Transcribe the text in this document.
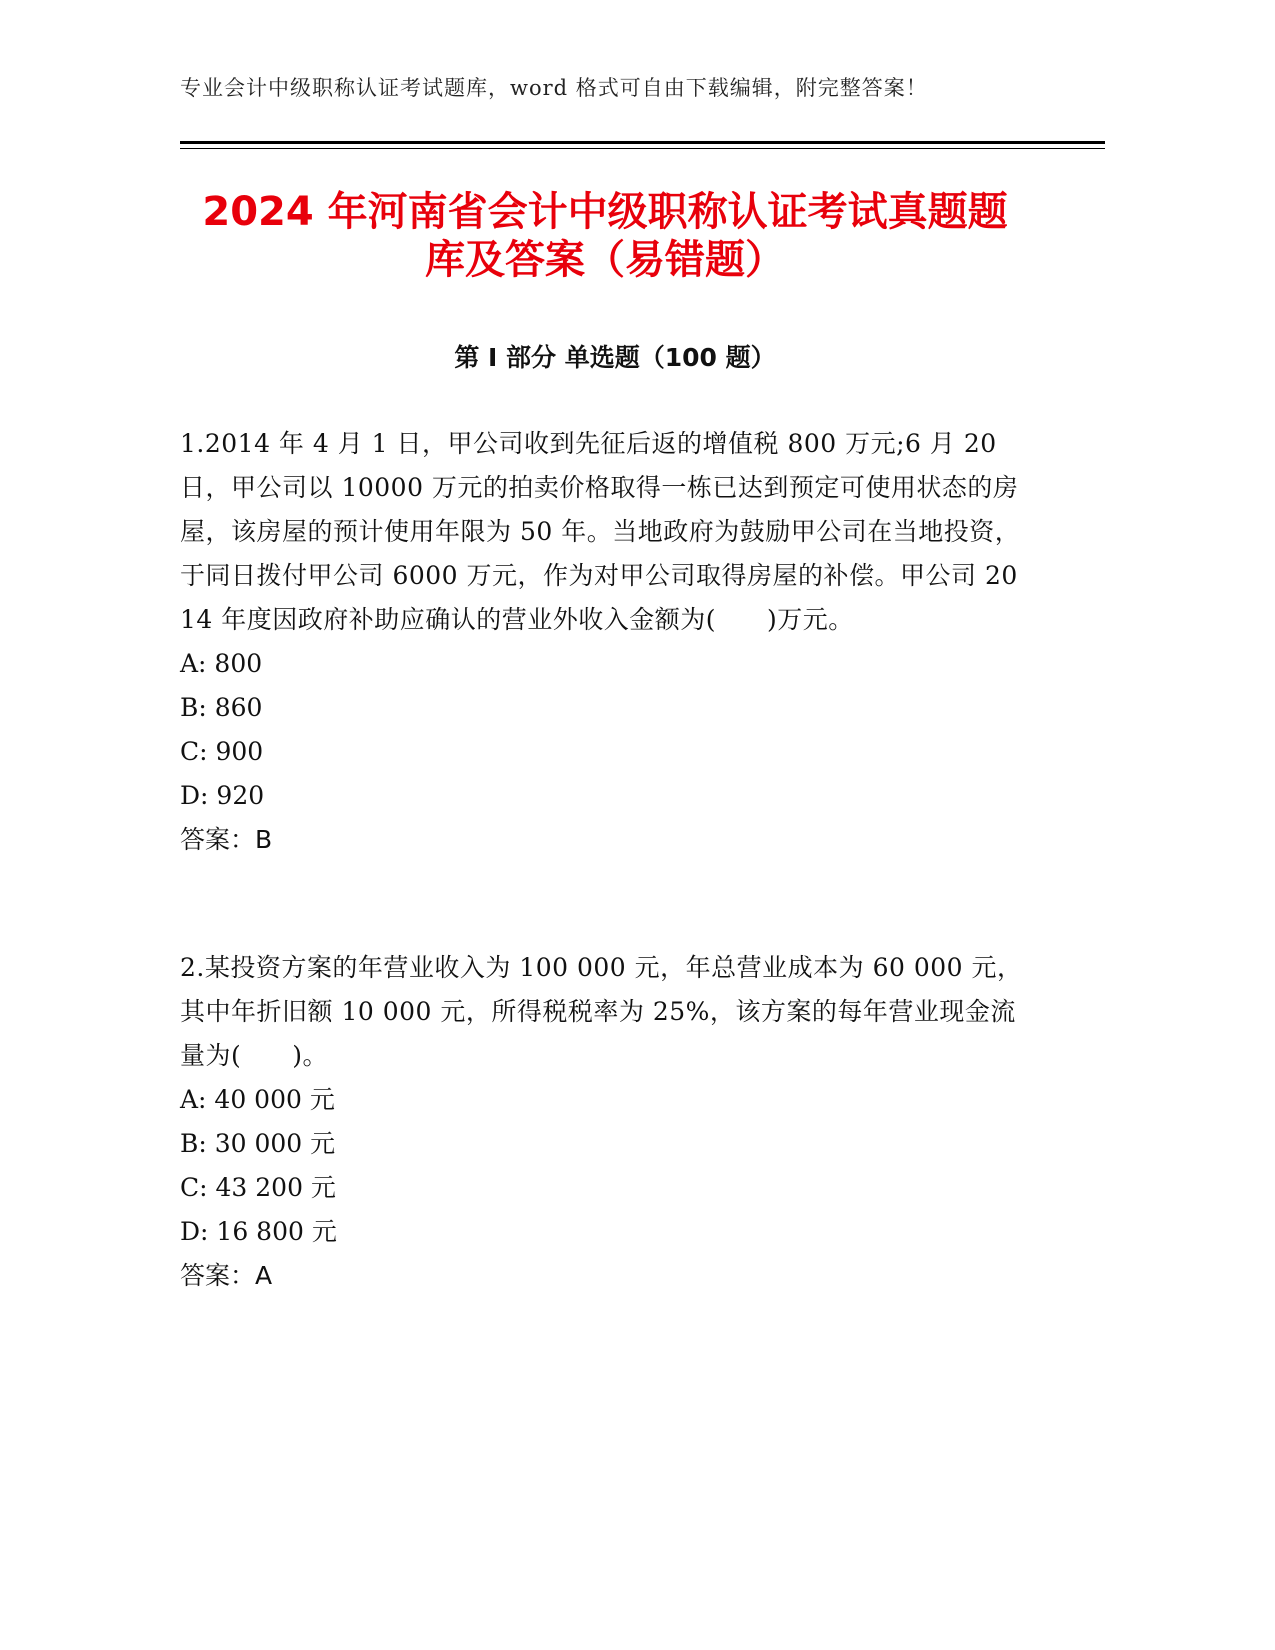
专业会计中级职称认证考试题库，word 格式可自由下载编辑，附完整答案！
2024 年河南省会计中级职称认证考试真题题
库及答案（易错题）
第 I 部分 单选题（100 题）

1.2014 年 4 月 1 日，甲公司收到先征后返的增值税 800 万元;6 月 20 日，甲公司以 10000 万元的拍卖价格取得一栋已达到预定可使用状态的房屋，该房屋的预计使用年限为 50 年。当地政府为鼓励甲公司在当地投资，于同日拨付甲公司 6000 万元，作为对甲公司取得房屋的补偿。甲公司 2014 年度因政府补助应确认的营业外收入金额为(　　)万元。

A: 800

B: 860

C: 900

D: 920

答案：B

2.某投资方案的年营业收入为 100 000 元，年总营业成本为 60 000 元，其中年折旧额 10 000 元，所得税税率为 25%，该方案的每年营业现金流量为(　　)。

A: 40 000 元

B: 30 000 元

C: 43 200 元

D: 16 800 元

答案：A
